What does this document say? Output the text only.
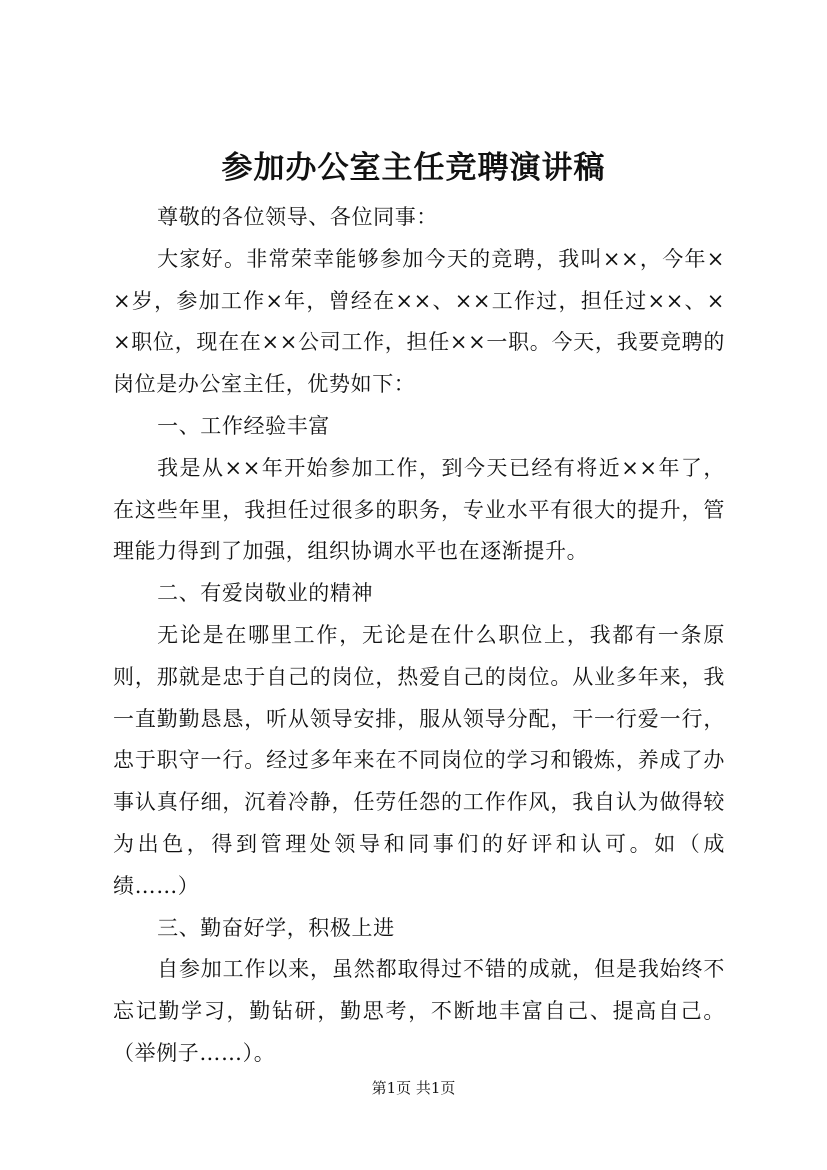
参加办公室主任竞聘演讲稿

尊敬的各位领导、各位同事：

大家好。非常荣幸能够参加今天的竞聘，我叫××，今年××岁，参加工作×年，曾经在××、××工作过，担任过××、××职位，现在在××公司工作，担任××一职。今天，我要竞聘的岗位是办公室主任，优势如下：

一、工作经验丰富

我是从××年开始参加工作，到今天已经有将近××年了，在这些年里，我担任过很多的职务，专业水平有很大的提升，管理能力得到了加强，组织协调水平也在逐渐提升。

二、有爱岗敬业的精神

无论是在哪里工作，无论是在什么职位上，我都有一条原则，那就是忠于自己的岗位，热爱自己的岗位。从业多年来，我一直勤勤恳恳，听从领导安排，服从领导分配，干一行爱一行，忠于职守一行。经过多年来在不同岗位的学习和锻炼，养成了办事认真仔细，沉着冷静，任劳任怨的工作作风，我自认为做得较为出色，得到管理处领导和同事们的好评和认可。如（成绩……）

三、勤奋好学，积极上进

自参加工作以来，虽然都取得过不错的成就，但是我始终不忘记勤学习，勤钻研，勤思考，不断地丰富自己、提高自己。（举例子……）。

第1页 共1页
